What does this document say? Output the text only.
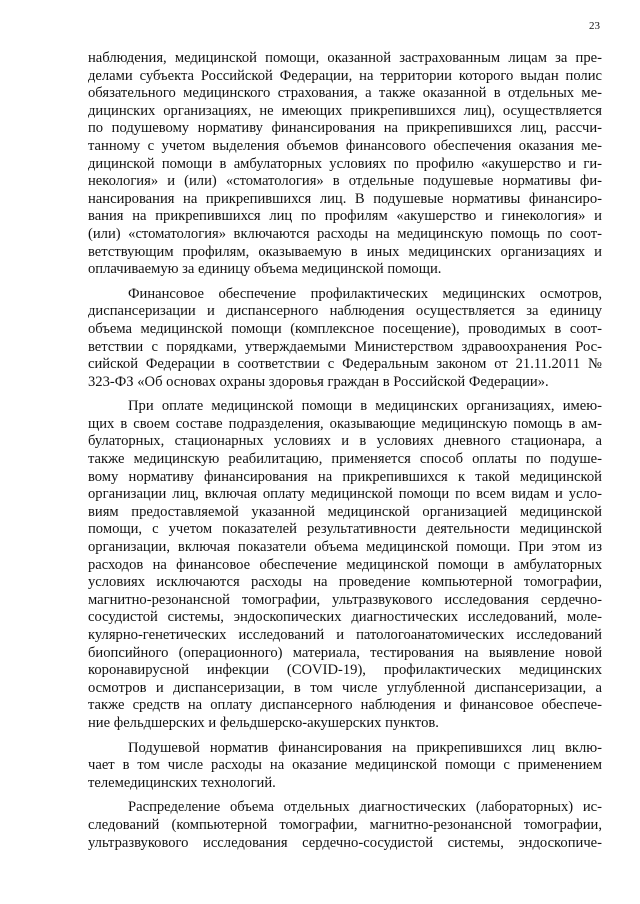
23
наблюдения, медицинской помощи, оказанной застрахованным лицам за пре-
делами субъекта Российской Федерации, на территории которого выдан полис
обязательного медицинского страхования, а также оказанной в отдельных ме-
дицинских организациях, не имеющих прикрепившихся лиц), осуществляется
по подушевому нормативу финансирования на прикрепившихся лиц, рассчи-
танному с учетом выделения объемов финансового обеспечения оказания ме-
дицинской помощи в амбулаторных условиях по профилю «акушерство и ги-
некология» и (или) «стоматология» в отдельные подушевые нормативы фи-
нансирования на прикрепившихся лиц. В подушевые нормативы финансиро-
вания на прикрепившихся лиц по профилям «акушерство и гинекология» и
(или) «стоматология» включаются расходы на медицинскую помощь по соот-
ветствующим профилям, оказываемую в иных медицинских организациях и
оплачиваемую за единицу объема медицинской помощи.
Финансовое обеспечение профилактических медицинских осмотров,
диспансеризации и диспансерного наблюдения осуществляется за единицу
объема медицинской помощи (комплексное посещение), проводимых в соот-
ветствии с порядками, утверждаемыми Министерством здравоохранения Рос-
сийской Федерации в соответствии с Федеральным законом от 21.11.2011 №
323-ФЗ «Об основах охраны здоровья граждан в Российской Федерации».
При оплате медицинской помощи в медицинских организациях, имею-
щих в своем составе подразделения, оказывающие медицинскую помощь в ам-
булаторных, стационарных условиях и в условиях дневного стационара, а
также медицинскую реабилитацию, применяется способ оплаты по подуше-
вому нормативу финансирования на прикрепившихся к такой медицинской
организации лиц, включая оплату медицинской помощи по всем видам и усло-
виям предоставляемой указанной медицинской организацией медицинской
помощи, с учетом показателей результативности деятельности медицинской
организации, включая показатели объема медицинской помощи. При этом из
расходов на финансовое обеспечение медицинской помощи в амбулаторных
условиях исключаются расходы на проведение компьютерной томографии,
магнитно-резонансной томографии, ультразвукового исследования сердечно-
сосудистой системы, эндоскопических диагностических исследований, моле-
кулярно-генетических исследований и патологоанатомических исследований
биопсийного (операционного) материала, тестирования на выявление новой
коронавирусной инфекции (COVID-19), профилактических медицинских
осмотров и диспансеризации, в том числе углубленной диспансеризации, а
также средств на оплату диспансерного наблюдения и финансовое обеспече-
ние фельдшерских и фельдшерско-акушерских пунктов.
Подушевой норматив финансирования на прикрепившихся лиц вклю-
чает в том числе расходы на оказание медицинской помощи с применением
телемедицинских технологий.
Распределение объема отдельных диагностических (лабораторных) ис-
следований (компьютерной томографии, магнитно-резонансной томографии,
ультразвукового исследования сердечно-сосудистой системы, эндоскопиче-
